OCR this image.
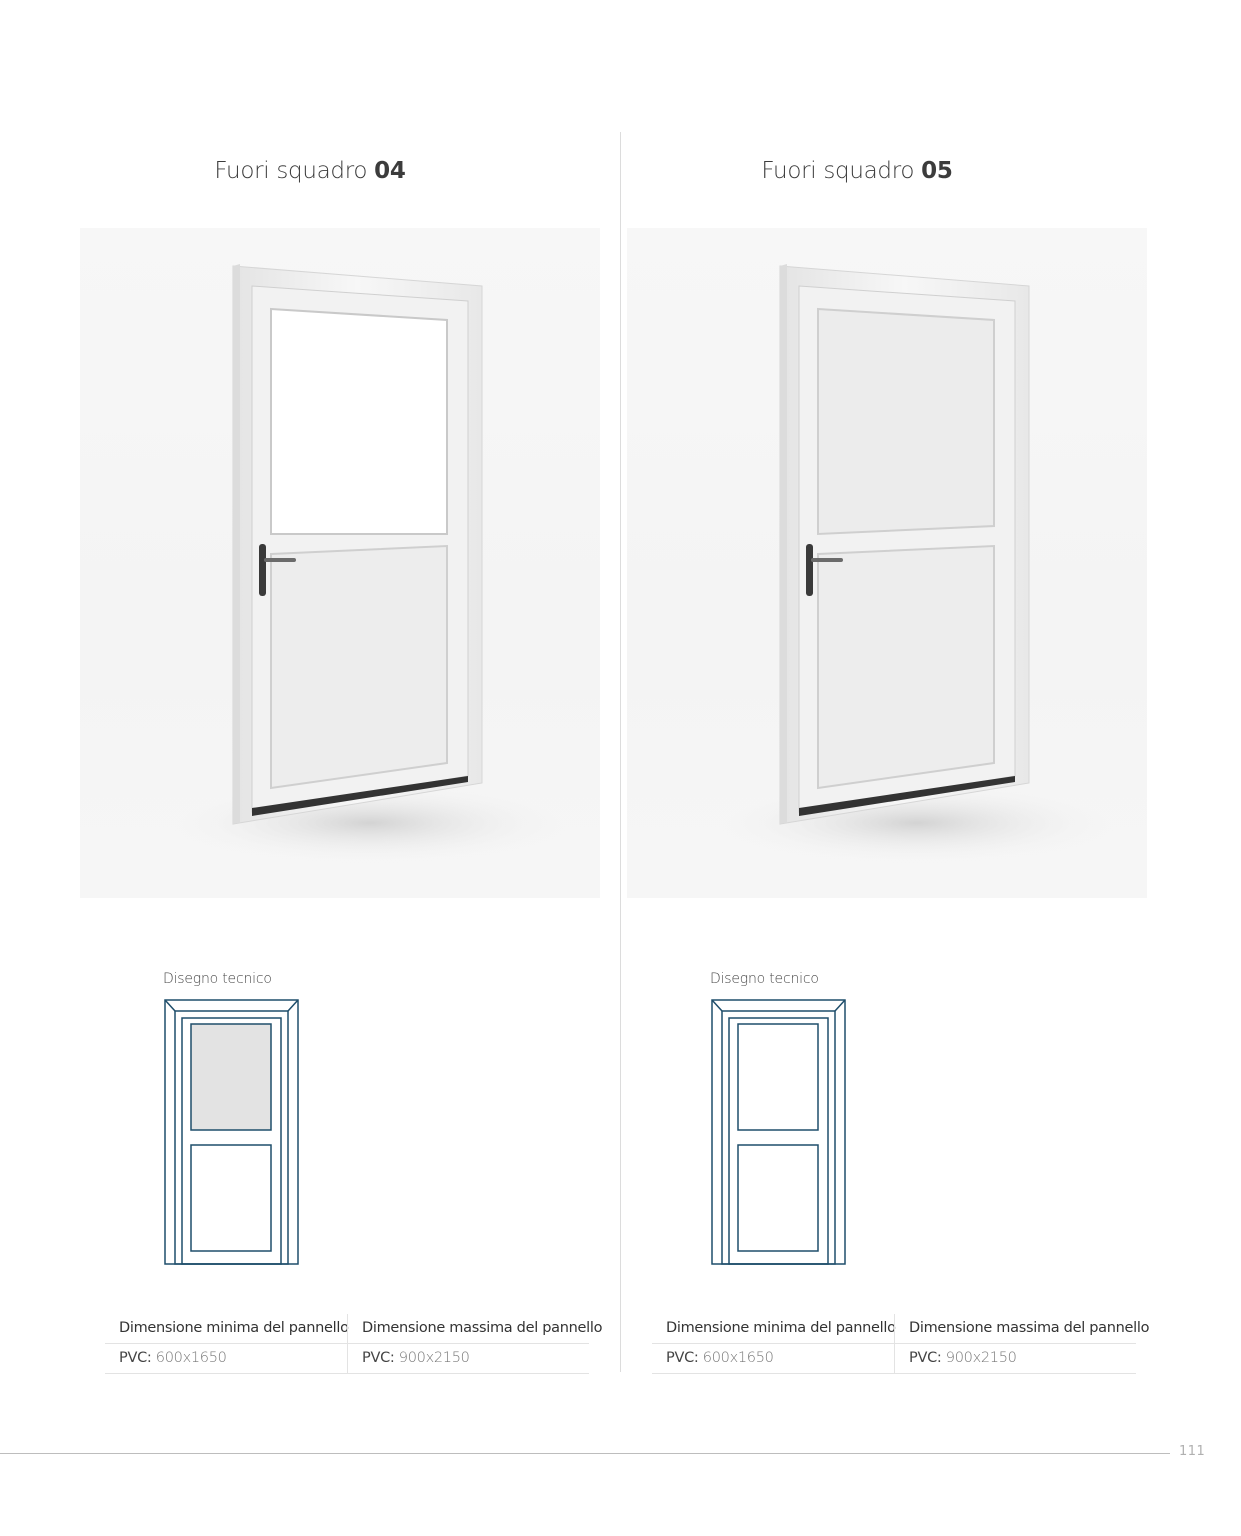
Fuori squadro 04
Disegno tecnico
Dimensione minima del pannello Dimensione massima del pannello
PVC: 600x1650	PVC: 900x2150
Fuori squadro 05
Disegno tecnico
Dimensione minima del pannello Dimensione massima del pannello
PVC: 600x1650	PVC: 900x2150
111
